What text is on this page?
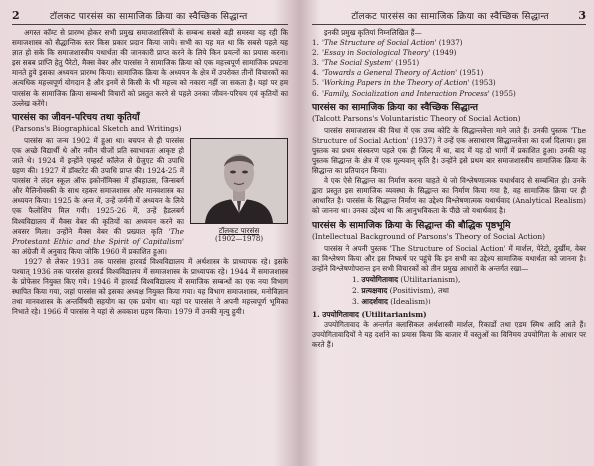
2	टॉलकट पारसंस का सामाजिक क्रिया का स्वैच्छिक सिद्धान्त

अगस्त कॉम्ट से प्रारम्भ होकर सभी प्रमुख समाजशास्त्रियों के सम्बन्ध सबसे बड़ी समस्या यह रही कि समाजशास्त्र को सैद्धान्तिक स्तर किस प्रकार प्रदान किया जाये। सभी का यह मत था कि सबसे पहले यह ज्ञात हो सके कि समाजशास्त्रीय यथार्थता की जानकारी प्राप्त करने के लिये किन प्रयत्नों का प्रयास करना। इस सबब प्राप्ति हेतु पैरेटो, मैक्स वेबर और पारसंस ने सामाजिक क्रिया को एक महत्त्वपूर्ण सामाजिक प्रघटना मानते हुये इसका अध्ययन प्रारम्भ किया। सामाजिक क्रिया के अध्ययन के क्षेत्र में उपरोक्त तीनों विचारकों का अत्यधिक महत्त्वपूर्ण योगदान है और इनमें से किसी के भी महत्त्व को नकारा नहीं जा सकता है। यहां पर हम पारसंस के सामाजिक क्रिया सम्बन्धी विचारों को प्रस्तुत करने से पहले उनका जीवन-परिचय एवं कृतियों का उल्लेख करेंगे।

पारसंस का जीवन-परिचय तथा कृतियाँ
(Parsons's Biographical Sketch and Writings)
टॉलकट पारसंस
(1902—1978)

पारसंस का जन्म 1902 में हुआ था। बचपन से ही पारसंस एक अच्छे विद्यार्थी थे और नवीन चीजों प्रति स्वाभावतः आकृष्ट हो जाते थे। 1924 में इन्होंने एम्हर्स्ट कॉलेज से ग्रेजुएट की उपाधि ग्रहण की। 1927 में डॉक्टरेट की उपाधि प्राप्त की। 1924-25 में पारसंस ने लंदन स्कूल ऑफ इकोनॉमिक्स में हॉबहाउस, जिन्सबर्ग और मैलिनोवस्की के साथ रहकर समाजशास्त्र और मानवशास्त्र का अध्ययन किया। 1925 के अन्त में, उन्हें जर्मनी में अध्ययन के लिये एक फैलोशिप मिल गयी। 1925-26 में, उन्हें हैडलबर्ग विश्वविद्यालय में मैक्स वेबर की कृतियों का अध्ययन करने का अवसर मिला। उन्होंने मैक्स वेबर की प्रख्यात कृति 'The Protestant Ethic and the Spirit of Capitalism' का अंग्रेजी में अनुवाद किया जोकि 1960 में प्रकाशित हुआ।

1927 से लेकर 1931 तक पारसंस हारवर्ड विश्वविद्यालय में अर्थशास्त्र के प्राध्यापक रहे। इसके पश्चात् 1936 तक पारसंस हारवर्ड विश्वविद्यालय में समाजशास्त्र के प्राध्यापक रहे। 1944 में समाजशास्त्र के प्रोफेसर नियुक्त किए गये। 1946 में हारवर्ड विश्वविद्यालय में समाजिक सम्बन्धों का एक नया विभाग स्थापित किया गया, जहां पारसंस को इसका अध्यक्ष नियुक्त किया गया। यह विभाग समाजशास्त्र, मनोविज्ञान तथा मानवशास्त्र के अन्तर्विषयी सहयोग का एक प्रयोग था। यहां पर पारसंस ने अपनी महत्त्वपूर्ण भूमिका निभाते रहे। 1966 में पारसंस ने यहां से अवकाश ग्रहण किया। 1979 में उनकी मृत्यु हुयी।

टॉलकट पारसंस का सामाजिक क्रिया का स्वैच्छिक सिद्धान्त	3

इनकी प्रमुख कृतियां निम्नलिखित हैं—

1. 'The Structure of Social Action'
(1937)
2. 'Essay in Sociological Theory'
(1949)
3. 'The Social System'
(1951)
4. 'Towards a General Theory of Action'
(1951)
5. 'Working Papers in the Theory of Action'
(1953)
6. 'Family, Socialization and Interaction Process'
(1955)
पारसंस का सामाजिक क्रिया का स्वैच्छिक सिद्धान्त
(Talcott Parsons's Voluntaristic Theory of Social Action)

पारसंस समाजशास्त्र की विधा में एक उच्च कोटि के सिद्धान्तवेत्ता माने जाते हैं। उनकी पुस्तक 'The Structure of Social Action' (1937) ने उन्हें एक असाधारण सिद्धान्तवेत्ता का दर्जा दिलाया। इस पुस्तक का प्रथम संस्करण पहले एक ही जिल्द में था, बाद में यह दो भागों में प्रकाशित हुआ। उनकी यह पुस्तक सिद्धान्त के क्षेत्र में एक मूल्यवान् कृति है। उन्होंने इसे प्रथम बार समाजशास्त्रीय सामाजिक क्रिया के सिद्धान्त का प्रतिपादन किया।

वे एक ऐसे सिद्धान्त का निर्माण करना चाहते थे जो विश्लेषणात्मक यथार्थवाद से सम्बन्धित हो। उनके द्वारा प्रस्तुत इस सामाजिक व्यवस्था के सिद्धान्त का निर्माण किया गया है, वह सामाजिक क्रिया पर ही आधारित है। पारसंस के सिद्धान्त निर्माण का उद्देश्य विश्लेषणात्मक यथार्थवाद (Analytical Realism) को जानना था। उनका उद्देश्य था कि आनुभविकता के पीछे जो यथार्थवाद है।

पारसंस के सामाजिक क्रिया के सिद्धान्त की बौद्धिक पृष्ठभूमि
(Intellectual Background of Parsons's Theory of Social Action)

पारसंस ने अपनी पुस्तक 'The Structure of Social Action' में मार्शल, पेरेटो, दुर्खीम, वेबर का विश्लेषण किया और इस निष्कर्ष पर पहुंचे कि इन सभी का उद्देश्य सामाजिक यथार्थता को जानना है। उन्होंने विश्लेषणोपरान्त इन सभी विचारकों को तीन प्रमुख आधारों के अन्तर्गत रखा—

1. उपयोगितावाद (Utilitarianism),
2. प्रत्यक्षवाद (Positivism), तथा
3. आदर्शवाद (Idealism)।
1. उपयोगितावाद (Utilitarianism)

उपयोगितावाद के अन्तर्गत क्लासिकल अर्थशास्त्री मार्शल, रिकार्डो तथा एडम स्मिथ आदि आते हैं। उपयोगितावादियों ने यह दर्शाने का प्रयास किया कि बाजार में वस्तुओं का विनिमय उपयोगिता के आधार पर करते हैं।
